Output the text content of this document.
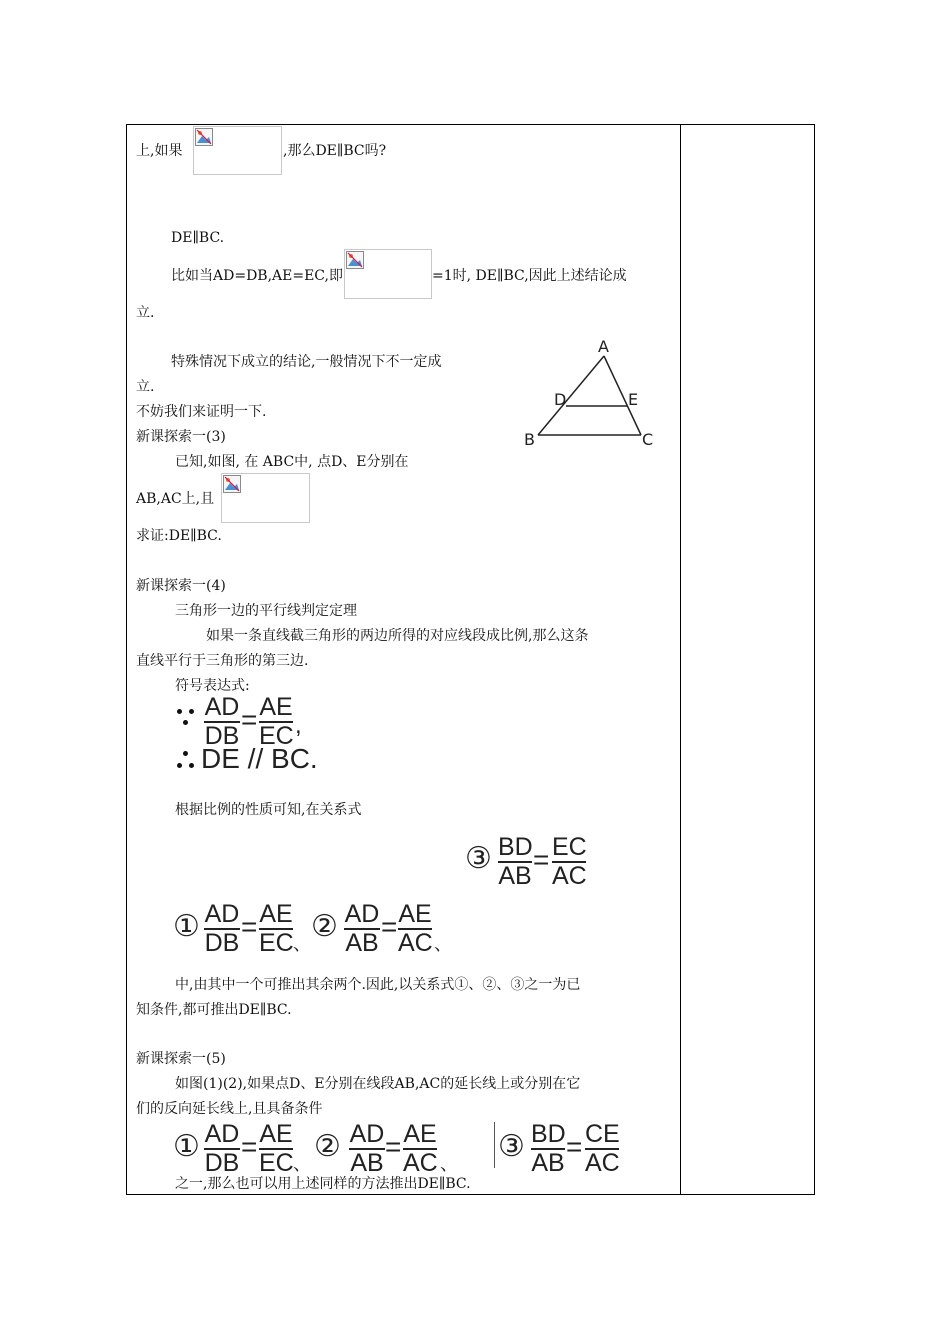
上,如果	,那么DE∥BC吗?
DE∥BC.
比如当AD=DB,AE=EC,即	=1时, DE∥BC,因此上述结论成
立.
特殊情况下成立的结论,一般情况下不一定成
立.
不妨我们来证明一下.
新课探索一(3)
已知,如图, 在 ABC中, 点D、E分别在
AB,AC上,且
求证:DE∥BC.
新课探索一(4)
三角形一边的平行线判定定理
如果一条直线截三角形的两边所得的对应线段成比例,那么这条
直线平行于三角形的第三边.
符号表达式:
根据比例的性质可知,在关系式
中,由其中一个可推出其余两个.因此,以关系式①、②、③之一为已
知条件,都可推出DE∥BC.
新课探索一(5)
如图(1)(2),如果点D、E分别在线段AB,AC的延长线上或分别在它
们的反向延长线上,且具备条件
之一,那么也可以用上述同样的方法推出DE∥BC.
A
D	E
B	C
AD
DB
= AE
EC ,
DE // BC.
③ BD
AB
= EC
AC
① AD
DB
= AE
EC 、
② AD
AB
= AE
AC 、
① AD
DB
= AE
EC 、
② AD
AB
= AE
AC 、
③ BD
AB
= CE
AC
